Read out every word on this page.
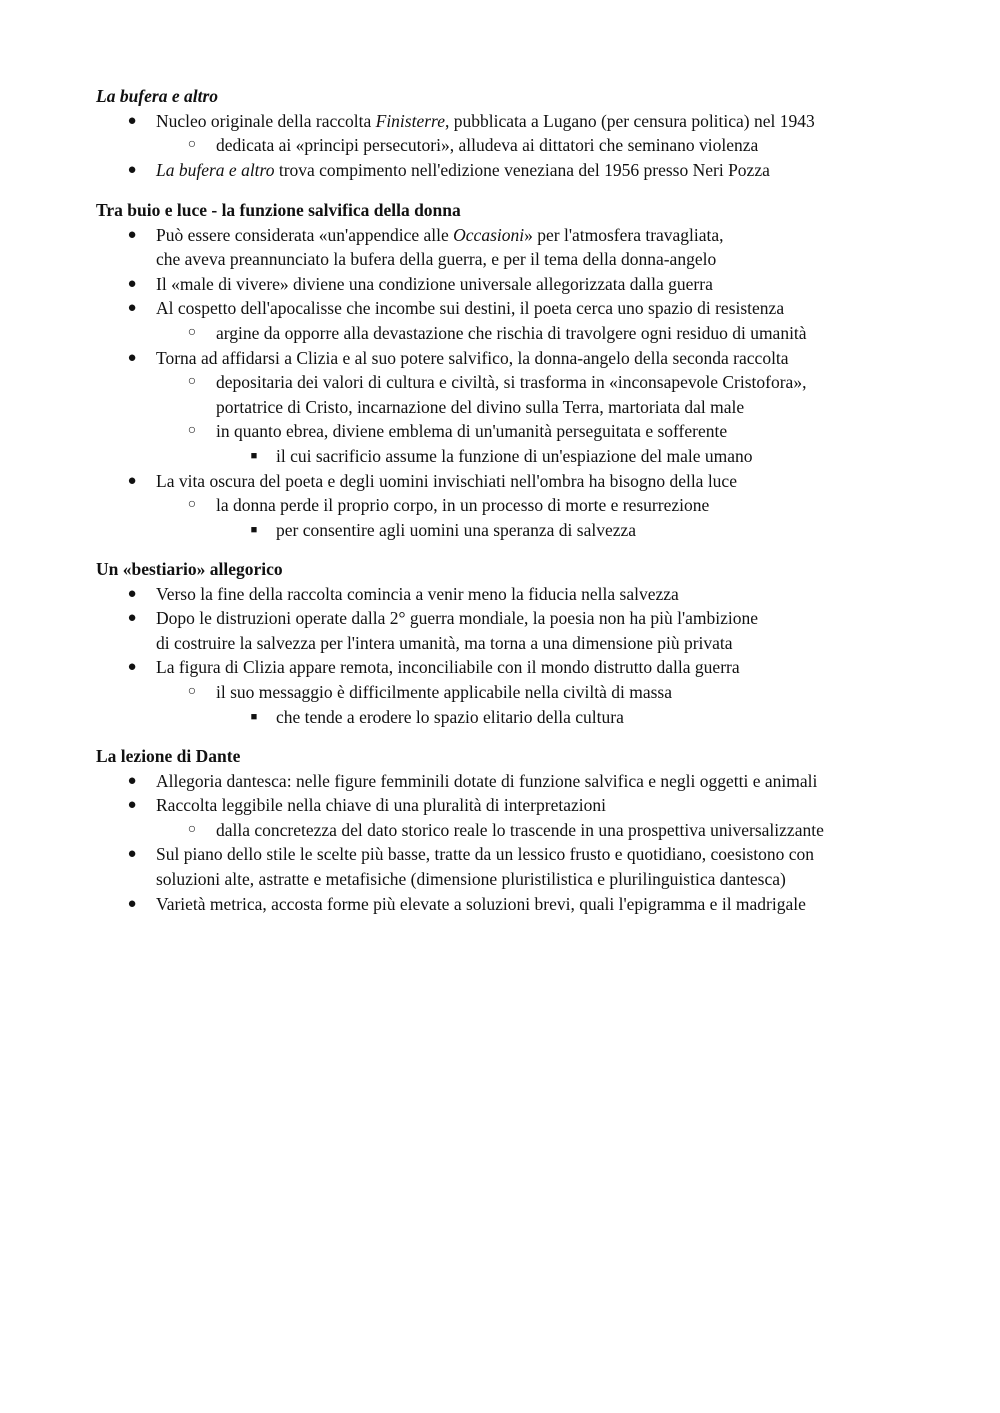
La bufera e altro
● Nucleo originale della raccolta Finisterre, pubblicata a Lugano (per censura politica) nel 1943
○ dedicata ai «principi persecutori», alludeva ai dittatori che seminano violenza
● La bufera e altro trova compimento nell'edizione veneziana del 1956 presso Neri Pozza
Tra buio e luce - la funzione salvifica della donna
● Può essere considerata «un'appendice alle Occasioni» per l'atmosfera travagliata,
che aveva preannunciato la bufera della guerra, e per il tema della donna-angelo
● Il «male di vivere» diviene una condizione universale allegorizzata dalla guerra
● Al cospetto dell'apocalisse che incombe sui destini, il poeta cerca uno spazio di resistenza
○ argine da opporre alla devastazione che rischia di travolgere ogni residuo di umanità
● Torna ad affidarsi a Clizia e al suo potere salvifico, la donna-angelo della seconda raccolta
○ depositaria dei valori di cultura e civiltà, si trasforma in «inconsapevole Cristofora»,
portatrice di Cristo, incarnazione del divino sulla Terra, martoriata dal male
○ in quanto ebrea, diviene emblema di un'umanità perseguitata e sofferente
■ il cui sacrificio assume la funzione di un'espiazione del male umano
● La vita oscura del poeta e degli uomini invischiati nell'ombra ha bisogno della luce
○ la donna perde il proprio corpo, in un processo di morte e resurrezione
■ per consentire agli uomini una speranza di salvezza
Un «bestiario» allegorico
● Verso la fine della raccolta comincia a venir meno la fiducia nella salvezza
● Dopo le distruzioni operate dalla 2° guerra mondiale, la poesia non ha più l'ambizione
di costruire la salvezza per l'intera umanità, ma torna a una dimensione più privata
● La figura di Clizia appare remota, inconciliabile con il mondo distrutto dalla guerra
○ il suo messaggio è difficilmente applicabile nella civiltà di massa
■ che tende a erodere lo spazio elitario della cultura
La lezione di Dante
● Allegoria dantesca: nelle figure femminili dotate di funzione salvifica e negli oggetti e animali
● Raccolta leggibile nella chiave di una pluralità di interpretazioni
○ dalla concretezza del dato storico reale lo trascende in una prospettiva universalizzante
● Sul piano dello stile le scelte più basse, tratte da un lessico frusto e quotidiano, coesistono con
soluzioni alte, astratte e metafisiche (dimensione pluristilistica e plurilinguistica dantesca)
● Varietà metrica, accosta forme più elevate a soluzioni brevi, quali l'epigramma e il madrigale
